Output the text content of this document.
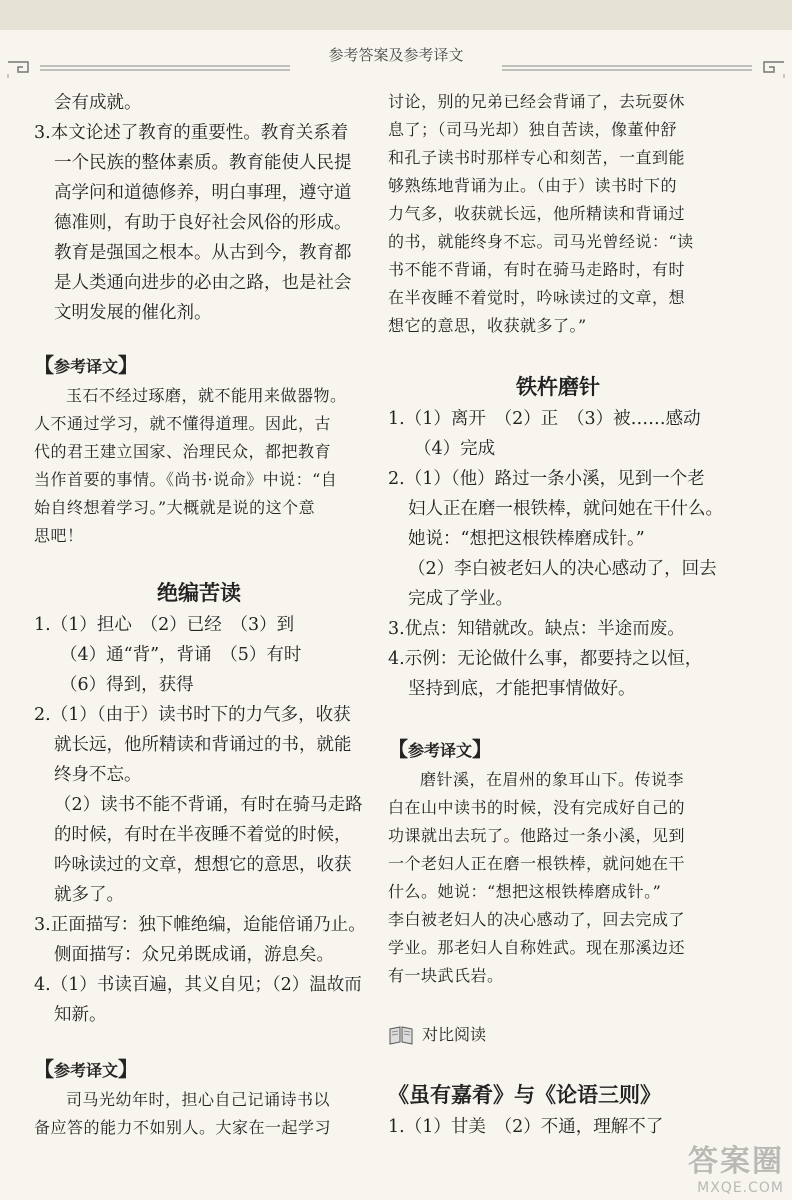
参考答案及参考译文
会有成就。
3.本文论述了教育的重要性。教育关系着
一个民族的整体素质。教育能使人民提
高学问和道德修养，明白事理，遵守道
德准则，有助于良好社会风俗的形成。
教育是强国之根本。从古到今，教育都
是人类通向进步的必由之路，也是社会
文明发展的催化剂。
【参考译文】
玉石不经过琢磨，就不能用来做器物。
人不通过学习，就不懂得道理。因此，古
代的君王建立国家、治理民众，都把教育
当作首要的事情。《尚书·说命》中说：“自
始自终想着学习。”大概就是说的这个意
思吧！
绝编苦读
1.（1）担心　（2）已经　（3）到
（4）通“背”，背诵　（5）有时
（6）得到，获得
2.（1）（由于）读书时下的力气多，收获
就长远，他所精读和背诵过的书，就能
终身不忘。
（2）读书不能不背诵，有时在骑马走路
的时候，有时在半夜睡不着觉的时候，
吟咏读过的文章，想想它的意思，收获
就多了。
3.正面描写：独下帷绝编，迨能倍诵乃止。
侧面描写：众兄弟既成诵，游息矣。
4.（1）书读百遍，其义自见；（2）温故而
知新。
【参考译文】
司马光幼年时，担心自己记诵诗书以
备应答的能力不如别人。大家在一起学习
讨论，别的兄弟已经会背诵了，去玩耍休
息了；（司马光却）独自苦读，像董仲舒
和孔子读书时那样专心和刻苦，一直到能
够熟练地背诵为止。（由于）读书时下的
力气多，收获就长远，他所精读和背诵过
的书，就能终身不忘。司马光曾经说：“读
书不能不背诵，有时在骑马走路时，有时
在半夜睡不着觉时，吟咏读过的文章，想
想它的意思，收获就多了。”
铁杵磨针
1.（1）离开　（2）正　（3）被……感动
（4）完成
2.（1）（他）路过一条小溪，见到一个老
妇人正在磨一根铁棒，就问她在干什么。
她说：“想把这根铁棒磨成针。”
（2）李白被老妇人的决心感动了，回去
完成了学业。
3.优点：知错就改。缺点：半途而废。
4.示例：无论做什么事，都要持之以恒，
坚持到底，才能把事情做好。
【参考译文】
磨针溪，在眉州的象耳山下。传说李
白在山中读书的时候，没有完成好自己的
功课就出去玩了。他路过一条小溪，见到
一个老妇人正在磨一根铁棒，就问她在干
什么。她说：“想把这根铁棒磨成针。”
李白被老妇人的决心感动了，回去完成了
学业。那老妇人自称姓武。现在那溪边还
有一块武氏岩。
对比阅读
《虽有嘉肴》与《论语三则》
1.（1）甘美　（2）不通，理解不了
答案圈
MXQE.COM
